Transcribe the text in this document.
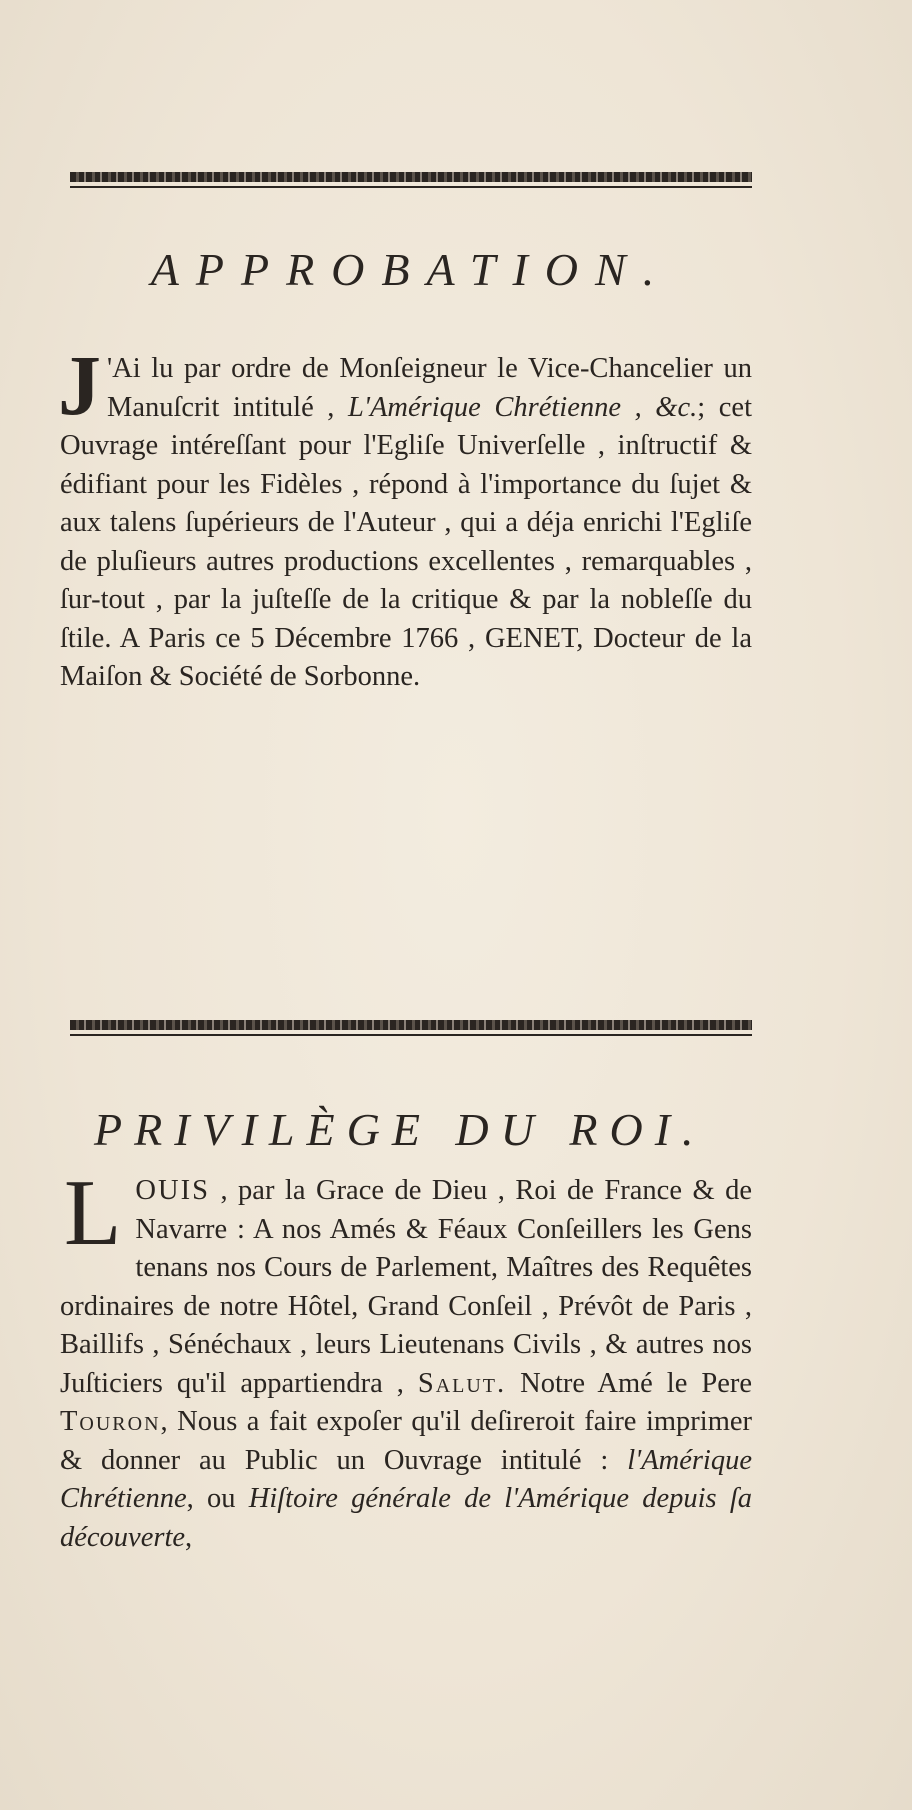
APPROBATION.
J 'Ai lu par ordre de Monſeigneur le Vice-Chancelier un Manuſcrit intitulé , L'Amérique Chrétienne , &c.; cet Ouvrage intéreſſant pour l'Egliſe Univerſelle , inſtructif & édifiant pour les Fidèles , répond à l'importance du ſujet & aux talens ſupérieurs de l'Auteur , qui a déja enrichi l'Egliſe de pluſieurs autres productions excellentes , remarquables , ſur-tout , par la juſteſſe de la critique & par la nobleſſe du ſtile. A Paris ce 5 Décembre 1766 , GENET, Docteur de la Maiſon & Société de Sorbonne.
PRIVILÈGE DU ROI.
LOUIS , par la Grace de Dieu , Roi de France & de Navarre : A nos Amés & Féaux Conſeillers les Gens tenans nos Cours de Parlement, Maîtres des Requêtes ordinaires de notre Hôtel, Grand Conſeil , Prévôt de Paris , Baillifs , Sénéchaux , leurs Lieutenans Civils , & autres nos Juſticiers qu'il appartiendra , Salut. Notre Amé le Pere Touron, Nous a fait expoſer qu'il deſireroit faire imprimer & donner au Public un Ouvrage intitulé : l'Amérique Chrétienne, ou Hiſtoire générale de l'Amérique depuis ſa découverte,
